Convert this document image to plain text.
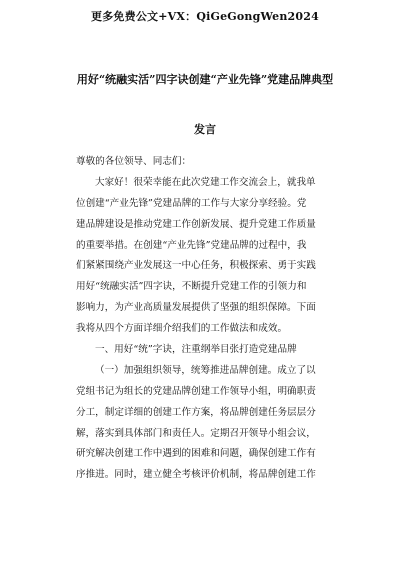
更多免费公文+VX：QiGeGongWen2024
用好“统融实活”四字诀创建“产业先锋”党建品牌典型
发言
尊敬的各位领导、同志们：
大家好！很荣幸能在此次党建工作交流会上，就我单
位创建“产业先锋”党建品牌的工作与大家分享经验。党
建品牌建设是推动党建工作创新发展、提升党建工作质量
的重要举措。在创建“产业先锋”党建品牌的过程中，我
们紧紧围绕产业发展这一中心任务，积极探索、勇于实践
用好“统融实活”四字诀，不断提升党建工作的引领力和
影响力，为产业高质量发展提供了坚强的组织保障。下面
我将从四个方面详细介绍我们的工作做法和成效。
一、用好“统”字诀，注重纲举目张打造党建品牌
（一）加强组织领导，统筹推进品牌创建。成立了以
党组书记为组长的党建品牌创建工作领导小组，明确职责
分工，制定详细的创建工作方案，将品牌创建任务层层分
解，落实到具体部门和责任人。定期召开领导小组会议，
研究解决创建工作中遇到的困难和问题，确保创建工作有
序推进。同时，建立健全考核评价机制，将品牌创建工作
